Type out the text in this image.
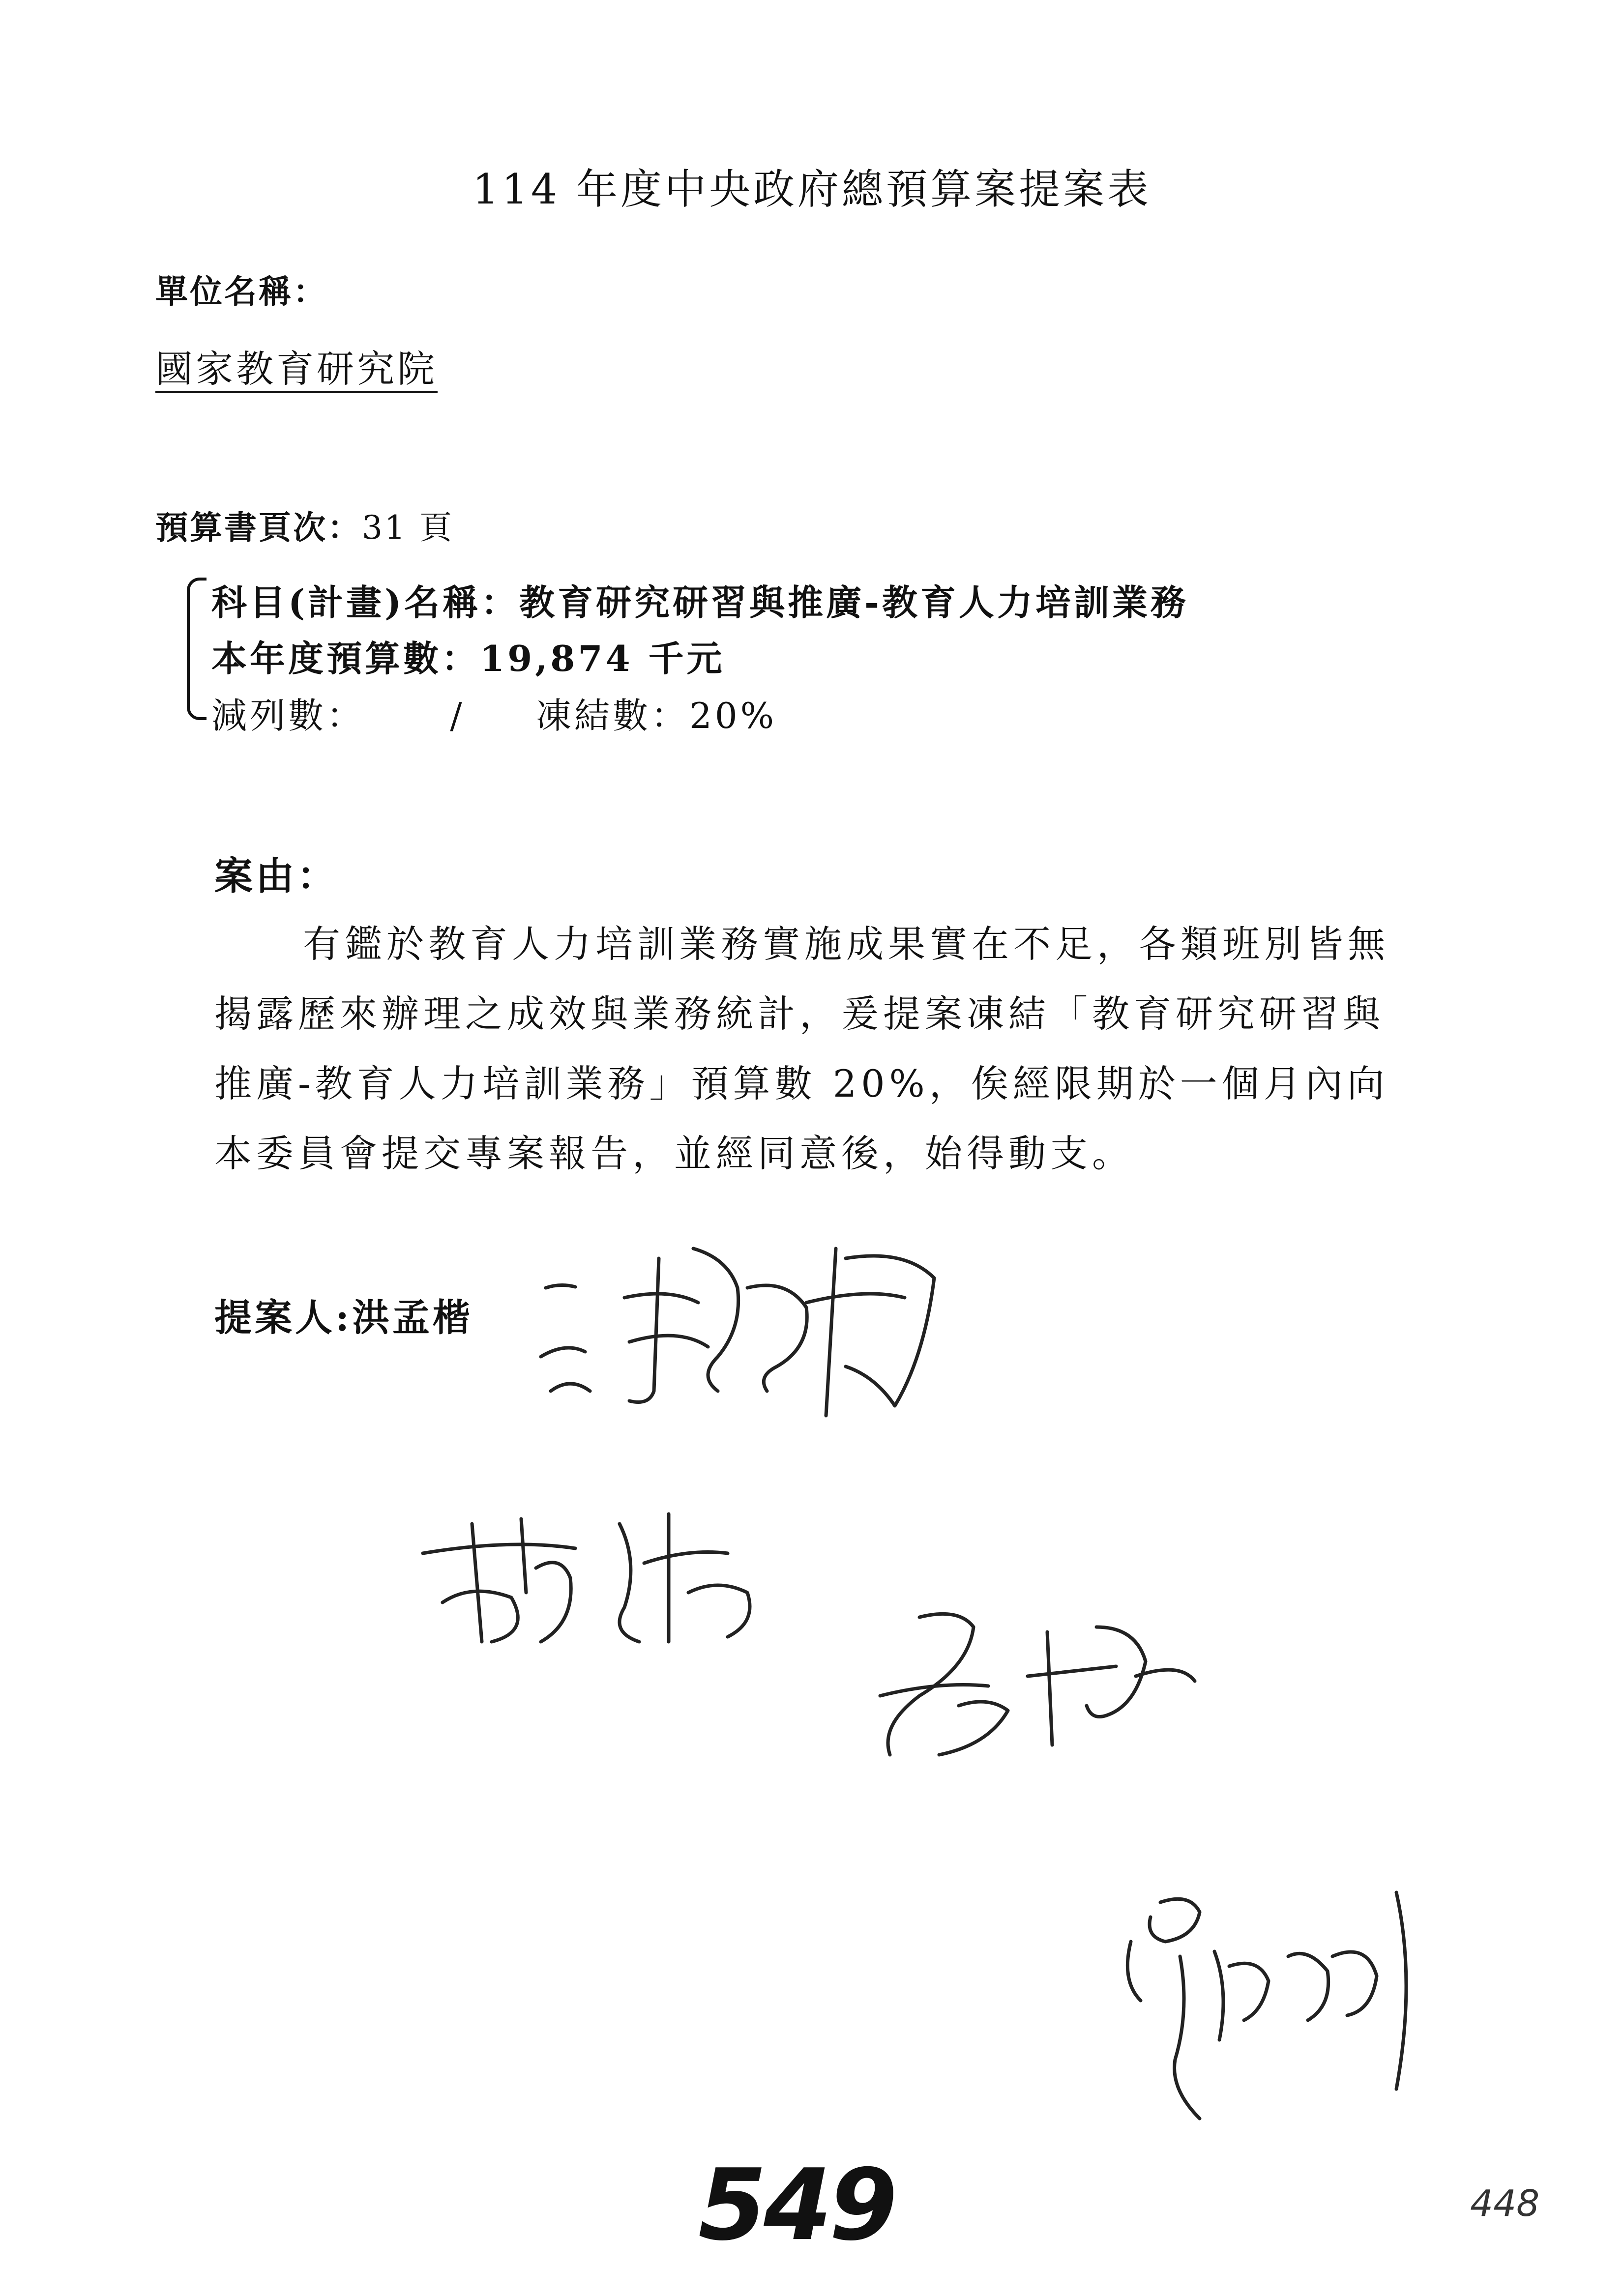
114 年度中央政府總預算案提案表
單位名稱：
國家教育研究院
預算書頁次：31 頁
科目(計畫)名稱：教育研究研習與推廣-教育人力培訓業務
本年度預算數：19,874 千元
減列數：      /     凍結數：20%
案由：
有鑑於教育人力培訓業務實施成果實在不足，各類班別皆無揭露歷來辦理之成效與業務統計，爰提案凍結「教育研究研習與推廣-教育人力培訓業務」預算數 20%，俟經限期於一個月內向本委員會提交專案報告，並經同意後，始得動支。
提案人:洪孟楷
549	448
